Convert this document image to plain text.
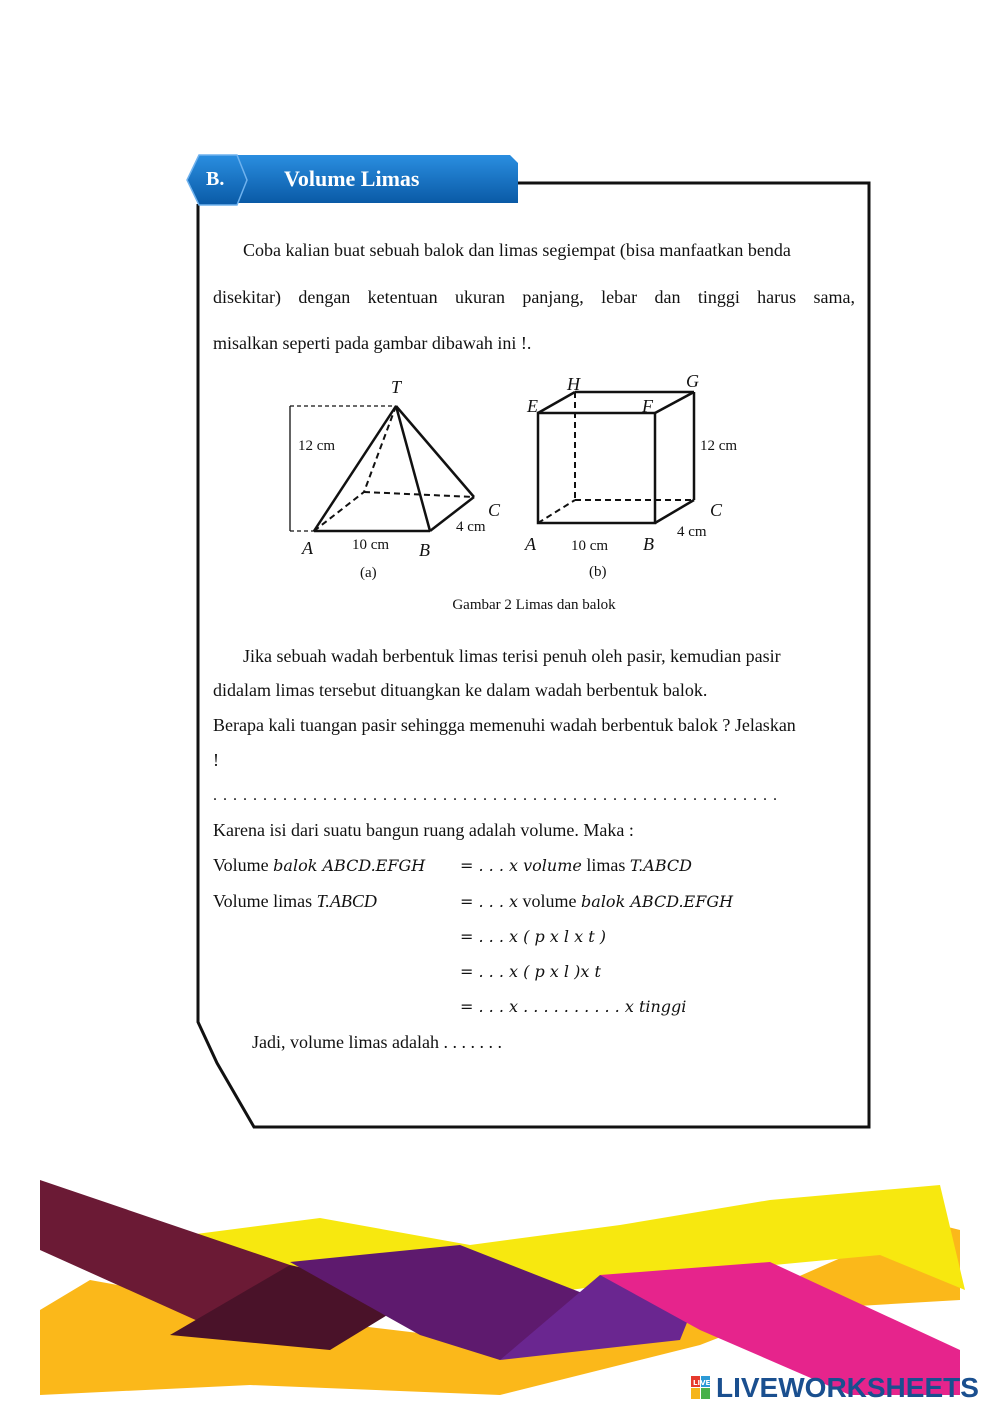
B.	Volume Limas
Coba kalian buat sebuah balok dan limas segiempat (bisa manfaatkan benda
disekitar) dengan ketentuan ukuran panjang, lebar dan tinggi harus sama,
misalkan seperti pada gambar dibawah ini !.
T
12 cm
C
4 cm
A	10 cm B
(a)
H	G
E	F
12 cm
C
4 cm
A 10 cm B
(b)
Gambar 2 Limas dan balok
Jika sebuah wadah berbentuk limas terisi penuh oleh pasir, kemudian pasir
didalam limas tersebut dituangkan ke dalam wadah berbentuk balok.
Berapa kali tuangan pasir sehingga memenuhi wadah berbentuk balok ? Jelaskan
!
. . . . . . . . . . . . . . . . . . . . . . . . . . . . . . . . . . . . . . . . . . . . . . . . . . . . . . . . .
Karena isi dari suatu bangun ruang adalah volume. Maka :
Volume balok ABCD.EFGH = . . . x volume limas T.ABCD
Volume limas T.ABCD	= . . . x volume balok ABCD.EFGH
= . . . x ( p x l x t )
= . . . x ( p x l )x t
= . . . x . . . . . . . . . . x tinggi
Jadi, volume limas adalah . . . . . . .
LIVE LIVEWORKSHEETS
